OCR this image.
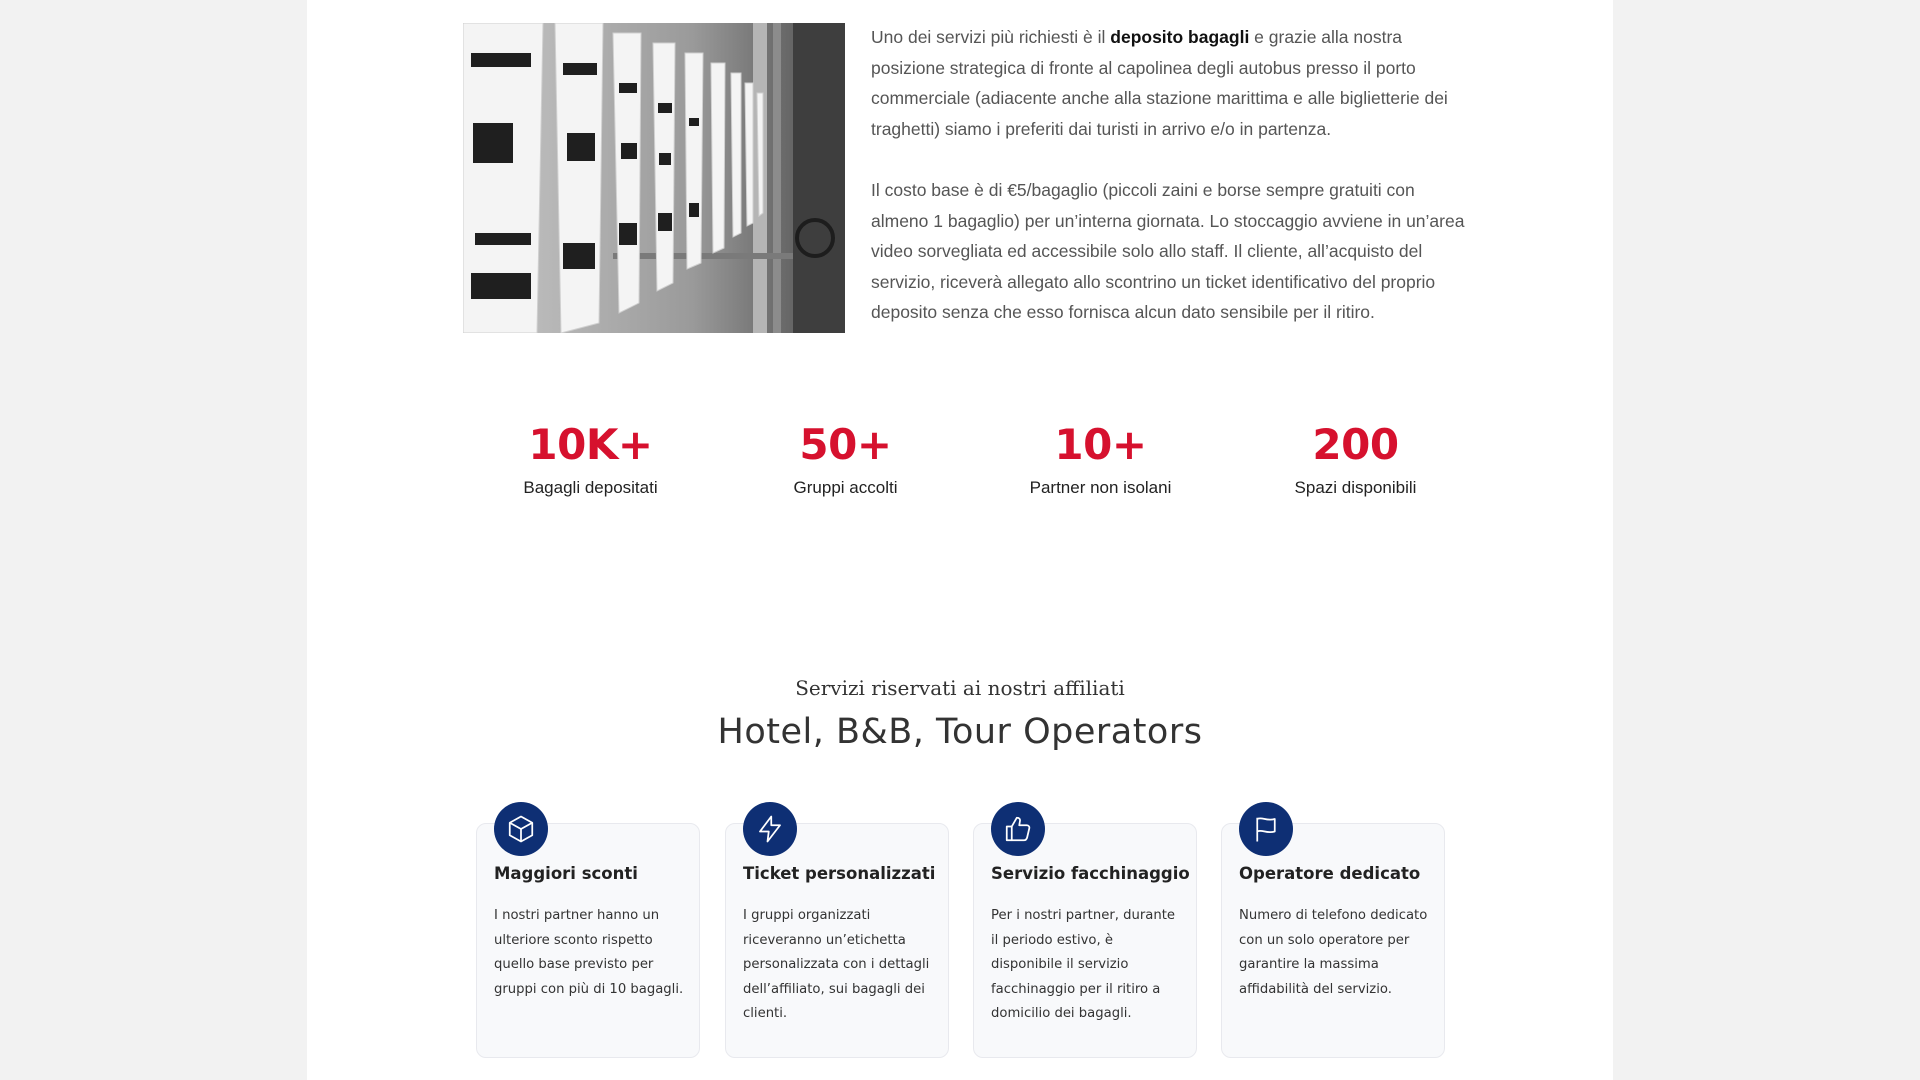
Uno dei servizi più richiesti è il deposito bagagli e grazie alla nostra posizione strategica di fronte al capolinea degli autobus presso il porto commerciale (adiacente anche alla stazione marittima e alle biglietterie dei traghetti) siamo i preferiti dai turisti in arrivo e/o in partenza.

Il costo base è di €5/bagaglio (piccoli zaini e borse sempre gratuiti con almeno 1 bagaglio) per un’interna giornata. Lo stoccaggio avviene in un’area video sorvegliata ed accessibile solo allo staff. Il cliente, all’acquisto del servizio, riceverà allegato allo scontrino un ticket identificativo del proprio deposito senza che esso fornisca alcun dato sensibile per il ritiro.

10K+
Bagagli depositati
50+
Gruppi accolti
10+
Partner non isolani
200
Spazi disponibili
Servizi riservati ai nostri affiliati
Hotel, B&B, Tour Operators
Maggiori sconti
I nostri partner hanno un ulteriore sconto rispetto quello base previsto per gruppi con più di 10 bagagli.
Ticket personalizzati
I gruppi organizzati riceveranno un’etichetta personalizzata con i dettagli dell’affiliato, sui bagagli dei clienti.
Servizio facchinaggio
Per i nostri partner, durante il periodo estivo, è disponibile il servizio facchinaggio per il ritiro a domicilio dei bagagli.
Operatore dedicato
Numero di telefono dedicato con un solo operatore per garantire la massima affidabilità del servizio.
